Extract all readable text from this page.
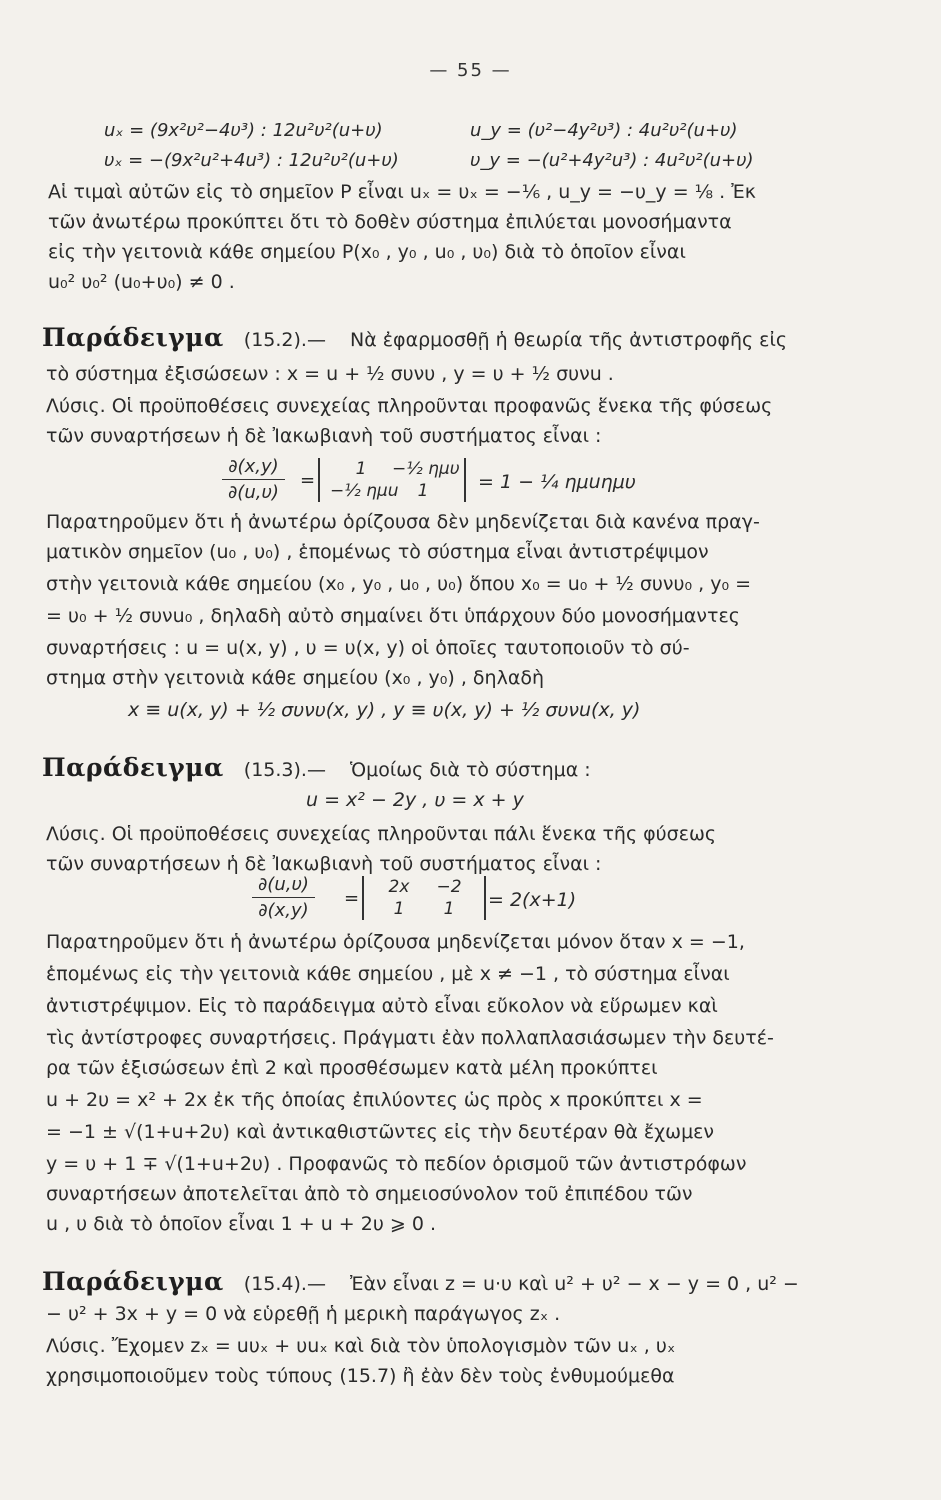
— 55 —
uₓ = (9x²υ²−4υ³) : 12u²υ²(u+υ)	u_y = (υ²−4y²υ³) : 4u²υ²(u+υ)
υₓ = −(9x²u²+4u³) : 12u²υ²(u+υ)	υ_y = −(u²+4y²u³) : 4u²υ²(u+υ)
Αἱ τιμαὶ αὐτῶν εἰς τὸ σημεῖον P εἶναι uₓ = υₓ = −⅙ , u_y = −υ_y = ⅛ . Ἐκ
τῶν ἀνωτέρω προκύπτει ὅτι τὸ δοθὲν σύστημα ἐπιλύεται μονοσήμαντα
εἰς τὴν γειτονιὰ κάθε σημείου P(x₀ , y₀ , u₀ , υ₀) διὰ τὸ ὁποῖον εἶναι
u₀² υ₀² (u₀+υ₀) ≠ 0 .
Παράδειγμα (15.2).— Νὰ ἐφαρμοσθῇ ἡ θεωρία τῆς ἀντιστροφῆς εἰς
τὸ σύστημα ἐξισώσεων : x = u + ½ συνυ , y = υ + ½ συνu .
Λύσις. Οἱ προϋποθέσεις συνεχείας πληροῦνται προφανῶς ἕνεκα τῆς φύσεως
τῶν συναρτήσεων ἡ δὲ Ἰακωβιανὴ τοῦ συστήματος εἶναι :
∂(x,y)
∂(u,υ)
=
1 −½ ημυ
−½ ημu 1	= 1 − ¼ ημuημυ
Παρατηροῦμεν ὅτι ἡ ἀνωτέρω ὁρίζουσα δὲν μηδενίζεται διὰ κανένα πραγ-
ματικὸν σημεῖον (u₀ , υ₀) , ἑπομένως τὸ σύστημα εἶναι ἀντιστρέψιμον
στὴν γειτονιὰ κάθε σημείου (x₀ , y₀ , u₀ , υ₀) ὅπου x₀ = u₀ + ½ συνυ₀ , y₀ =
= υ₀ + ½ συνu₀ , δηλαδὴ αὐτὸ σημαίνει ὅτι ὑπάρχουν δύο μονοσήμαντες
συναρτήσεις : u = u(x, y) , υ = υ(x, y) οἱ ὁποῖες ταυτοποιοῦν τὸ σύ-
στημα στὴν γειτονιὰ κάθε σημείου (x₀ , y₀) , δηλαδὴ
x ≡ u(x, y) + ½ συνυ(x, y) , y ≡ υ(x, y) + ½ συνu(x, y)
Παράδειγμα (15.3).— Ὁμοίως διὰ τὸ σύστημα :
u = x² − 2y , υ = x + y
Λύσις. Οἱ προϋποθέσεις συνεχείας πληροῦνται πάλι ἕνεκα τῆς φύσεως
τῶν συναρτήσεων ἡ δὲ Ἰακωβιανὴ τοῦ συστήματος εἶναι :
∂(u,υ)
∂(x,y)
=
2x −2
1 1	= 2(x+1)
Παρατηροῦμεν ὅτι ἡ ἀνωτέρω ὁρίζουσα μηδενίζεται μόνον ὅταν x = −1,
ἑπομένως εἰς τὴν γειτονιὰ κάθε σημείου , μὲ x ≠ −1 , τὸ σύστημα εἶναι
ἀντιστρέψιμον. Εἰς τὸ παράδειγμα αὐτὸ εἶναι εὔκολον νὰ εὕρωμεν καὶ
τὶς ἀντίστροφες συναρτήσεις. Πράγματι ἐὰν πολλαπλασιάσωμεν τὴν δευτέ-
ρα τῶν ἐξισώσεων ἐπὶ 2 καὶ προσθέσωμεν κατὰ μέλη προκύπτει
u + 2υ = x² + 2x ἐκ τῆς ὁποίας ἐπιλύοντες ὡς πρὸς x προκύπτει x =
= −1 ± √(1+u+2υ) καὶ ἀντικαθιστῶντες εἰς τὴν δευτέραν θὰ ἔχωμεν
y = υ + 1 ∓ √(1+u+2υ) . Προφανῶς τὸ πεδίον ὁρισμοῦ τῶν ἀντιστρόφων
συναρτήσεων ἀποτελεῖται ἀπὸ τὸ σημειοσύνολον τοῦ ἐπιπέδου τῶν
u , υ διὰ τὸ ὁποῖον εἶναι 1 + u + 2υ ⩾ 0 .
Παράδειγμα (15.4).— Ἐὰν εἶναι z = u·υ καὶ u² + υ² − x − y = 0 , u² −
− υ² + 3x + y = 0 νὰ εὑρεθῇ ἡ μερικὴ παράγωγος zₓ .
Λύσις. Ἔχομεν zₓ = uυₓ + υuₓ καὶ διὰ τὸν ὑπολογισμὸν τῶν uₓ , υₓ
χρησιμοποιοῦμεν τοὺς τύπους (15.7) ἢ ἐὰν δὲν τοὺς ἐνθυμούμεθα
